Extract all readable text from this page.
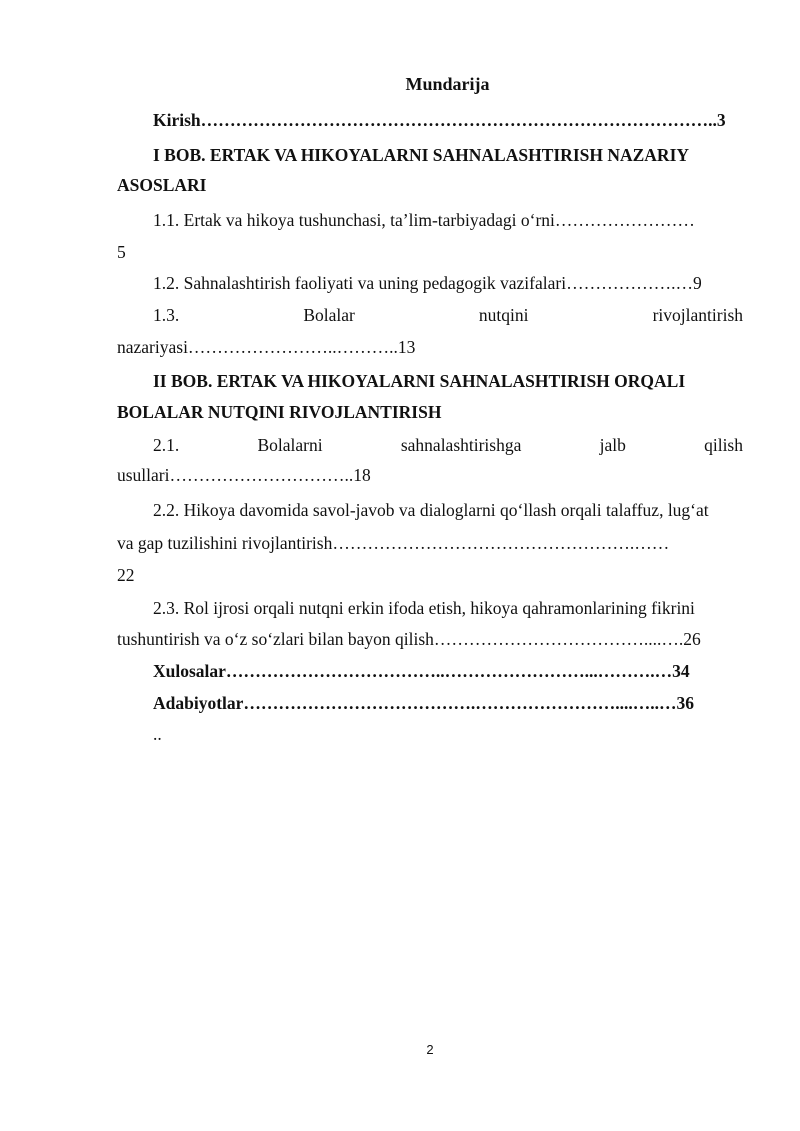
Mundarija
Kirish……………………………………………………………………………..3
I BOB. ERTAK VA HIKOYALARNI SAHNALASHTIRISH NAZARIY
ASOSLARI
1.1. Ertak va hikoya tushunchasi, ta’lim-tarbiyadagi o‘rni……………………
5
1.2. Sahnalashtirish faoliyati va uning pedagogik vazifalari……………….…9
1.3.	Bolalar	nutqini	rivojlantirish
nazariyasi……………………..………..13
II BOB. ERTAK VA HIKOYALARNI SAHNALASHTIRISH ORQALI
BOLALAR NUTQINI RIVOJLANTIRISH
2.1.	Bolalarni	sahnalashtirishga	jalb	qilish
usullari…………………………..18
2.2. Hikoya davomida savol-javob va dialoglarni qo‘llash orqali talaffuz, lug‘at
va gap tuzilishini rivojlantirish…………………………………………….……
22
2.3. Rol ijrosi orqali nutqni erkin ifoda etish, hikoya qahramonlarining fikrini
tushuntirish va o‘z so‘zlari bilan bayon qilish………………………………....….26
Xulosalar………………………………..……………………...……….…34
Adabiyotlar………………………………….……………………....…..…36
..
2
